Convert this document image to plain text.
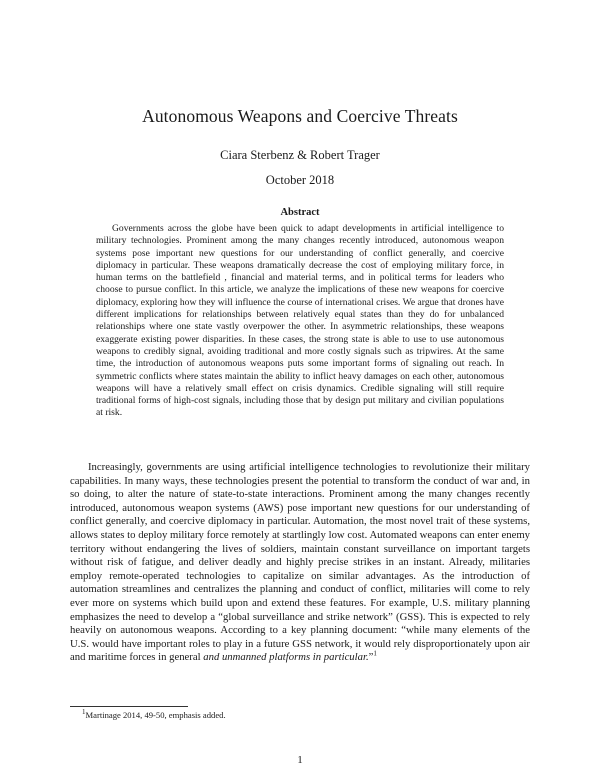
Autonomous Weapons and Coercive Threats
Ciara Sterbenz & Robert Trager
October 2018
Abstract

Governments across the globe have been quick to adapt developments in artificial intelligence to military technologies. Prominent among the many changes recently introduced, autonomous weapon systems pose important new questions for our understanding of conflict generally, and coercive diplomacy in particular. These weapons dramatically decrease the cost of employing military force, in human terms on the battlefield , financial and material terms, and in political terms for leaders who choose to pursue conflict. In this article, we analyze the implications of these new weapons for coercive diplomacy, exploring how they will influence the course of international crises. We argue that drones have different implications for relationships between relatively equal states than they do for unbalanced relationships where one state vastly overpower the other. In asymmetric relationships, these weapons exaggerate existing power disparities. In these cases, the strong state is able to use to use autonomous weapons to credibly signal, avoiding traditional and more costly signals such as tripwires. At the same time, the introduction of autonomous weapons puts some important forms of signaling out reach. In symmetric conflicts where states maintain the ability to inflict heavy damages on each other, autonomous weapons will have a relatively small effect on crisis dynamics. Credible signaling will still require traditional forms of high-cost signals, including those that by design put military and civilian populations at risk.

Increasingly, governments are using artificial intelligence technologies to revolutionize their military capabilities. In many ways, these technologies present the potential to transform the conduct of war and, in so doing, to alter the nature of state-to-state interactions. Prominent among the many changes recently introduced, autonomous weapon systems (AWS) pose important new questions for our understanding of conflict generally, and coercive diplomacy in particular. Automation, the most novel trait of these systems, allows states to deploy military force remotely at startlingly low cost. Automated weapons can enter enemy territory without endangering the lives of soldiers, maintain constant surveillance on important targets without risk of fatigue, and deliver deadly and highly precise strikes in an instant. Already, militaries employ remote-operated technologies to capitalize on similar advantages. As the introduction of automation streamlines and centralizes the planning and conduct of conflict, militaries will come to rely ever more on systems which build upon and extend these features. For example, U.S. military planning emphasizes the need to develop a “global surveillance and strike network” (GSS). This is expected to rely heavily on autonomous weapons. According to a key planning document: “while many elements of the U.S. would have important roles to play in a future GSS network, it would rely disproportionately upon air and maritime forces in general and unmanned platforms in particular.”$^1$

$^1$Martinage 2014, 49-50, emphasis added.

1
